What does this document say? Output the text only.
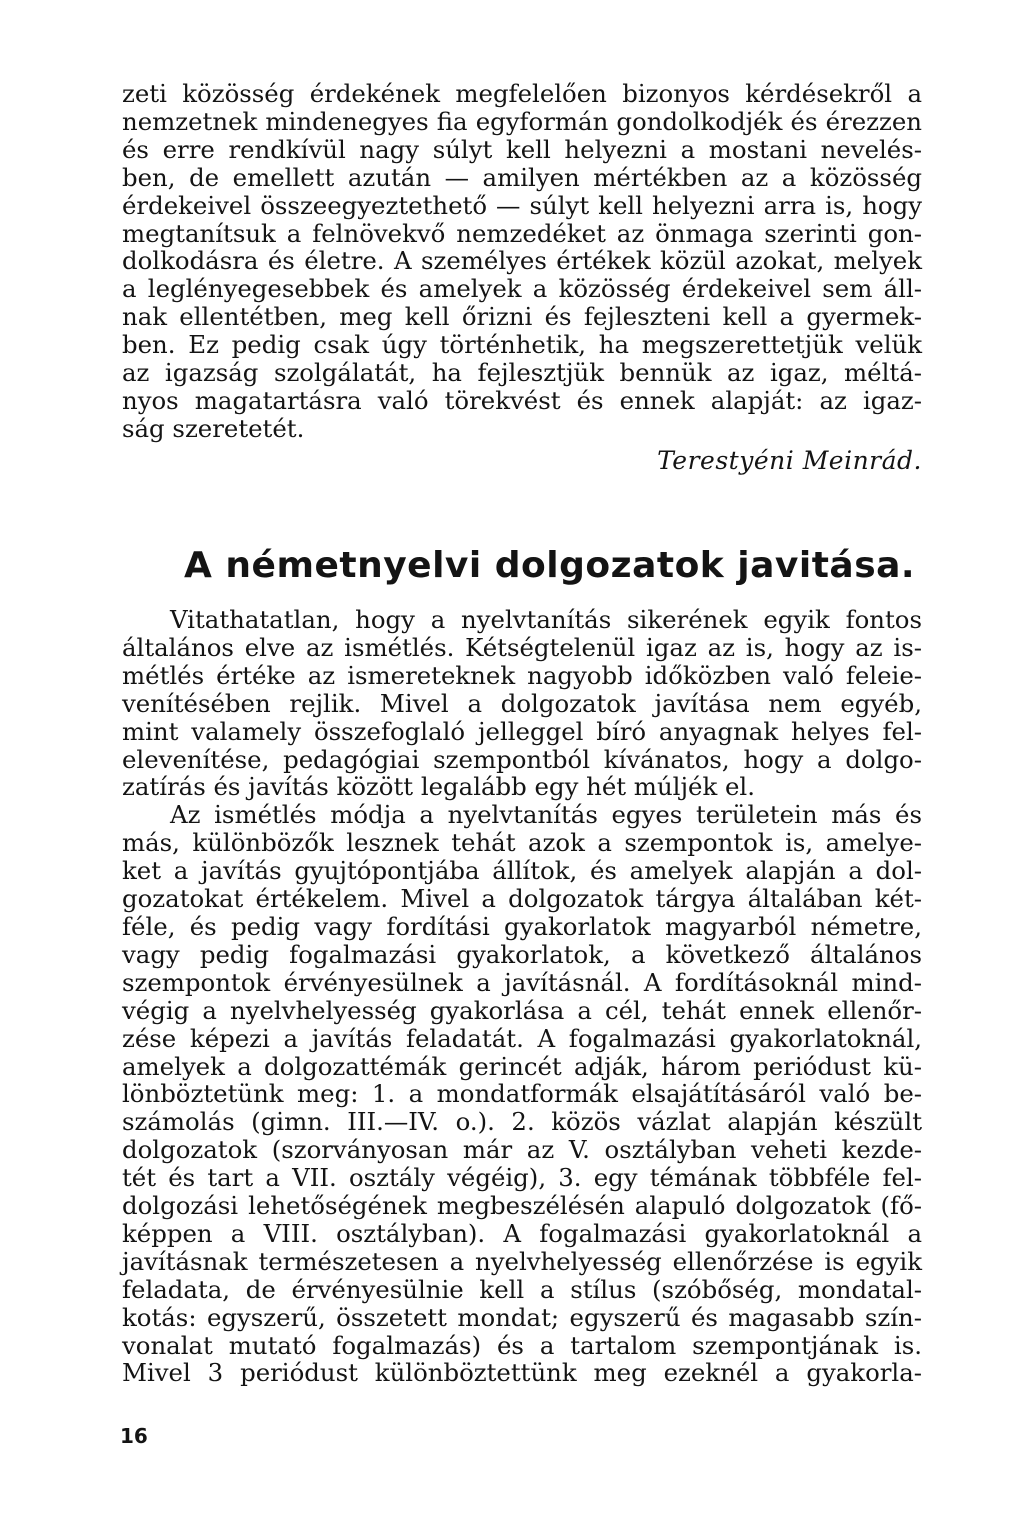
zeti közösség érdekének megfelelően bizonyos kérdésekről a
nemzetnek mindenegyes fia egyformán gondolkodjék és érezzen
és erre rendkívül nagy súlyt kell helyezni a mostani nevelés-
ben, de emellett azután — amilyen mértékben az a közösség
érdekeivel összeegyeztethető — súlyt kell helyezni arra is, hogy
megtanítsuk a felnövekvő nemzedéket az önmaga szerinti gon-
dolkodásra és életre. A személyes értékek közül azokat, melyek
a leglényegesebbek és amelyek a közösség érdekeivel sem áll-
nak ellentétben, meg kell őrizni és fejleszteni kell a gyermek-
ben. Ez pedig csak úgy történhetik, ha megszerettetjük velük
az igazság szolgálatát, ha fejlesztjük bennük az igaz, méltá-
nyos magatartásra való törekvést és ennek alapját: az igaz-
ság szeretetét.
Terestyéni Meinrád.
A németnyelvi dolgozatok javitása.
Vitathatatlan, hogy a nyelvtanítás sikerének egyik fontos
általános elve az ismétlés. Kétségtelenül igaz az is, hogy az is-
métlés értéke az ismereteknek nagyobb időközben való feleie-
venítésében rejlik. Mivel a dolgozatok javítása nem egyéb,
mint valamely összefoglaló jelleggel bíró anyagnak helyes fel-
elevenítése, pedagógiai szempontból kívánatos, hogy a dolgo-
zatírás és javítás között legalább egy hét múljék el.
Az ismétlés módja a nyelvtanítás egyes területein más és
más, különbözők lesznek tehát azok a szempontok is, amelye-
ket a javítás gyujtópontjába állítok, és amelyek alapján a dol-
gozatokat értékelem. Mivel a dolgozatok tárgya általában két-
féle, és pedig vagy fordítási gyakorlatok magyarból németre,
vagy pedig fogalmazási gyakorlatok, a következő általános
szempontok érvényesülnek a javításnál. A fordításoknál mind-
végig a nyelvhelyesség gyakorlása a cél, tehát ennek ellenőr-
zése képezi a javítás feladatát. A fogalmazási gyakorlatoknál,
amelyek a dolgozattémák gerincét adják, három periódust kü-
lönböztetünk meg: 1. a mondatformák elsajátításáról való be-
számolás (gimn. III.—IV. o.). 2. közös vázlat alapján készült
dolgozatok (szorványosan már az V. osztályban veheti kezde-
tét és tart a VII. osztály végéig), 3. egy témának többféle fel-
dolgozási lehetőségének megbeszélésén alapuló dolgozatok (fő-
képpen a VIII. osztályban). A fogalmazási gyakorlatoknál a
javításnak természetesen a nyelvhelyesség ellenőrzése is egyik
feladata, de érvényesülnie kell a stílus (szóbőség, mondatal-
kotás: egyszerű, összetett mondat; egyszerű és magasabb szín-
vonalat mutató fogalmazás) és a tartalom szempontjának is.
Mivel 3 periódust különböztettünk meg ezeknél a gyakorla-
16
